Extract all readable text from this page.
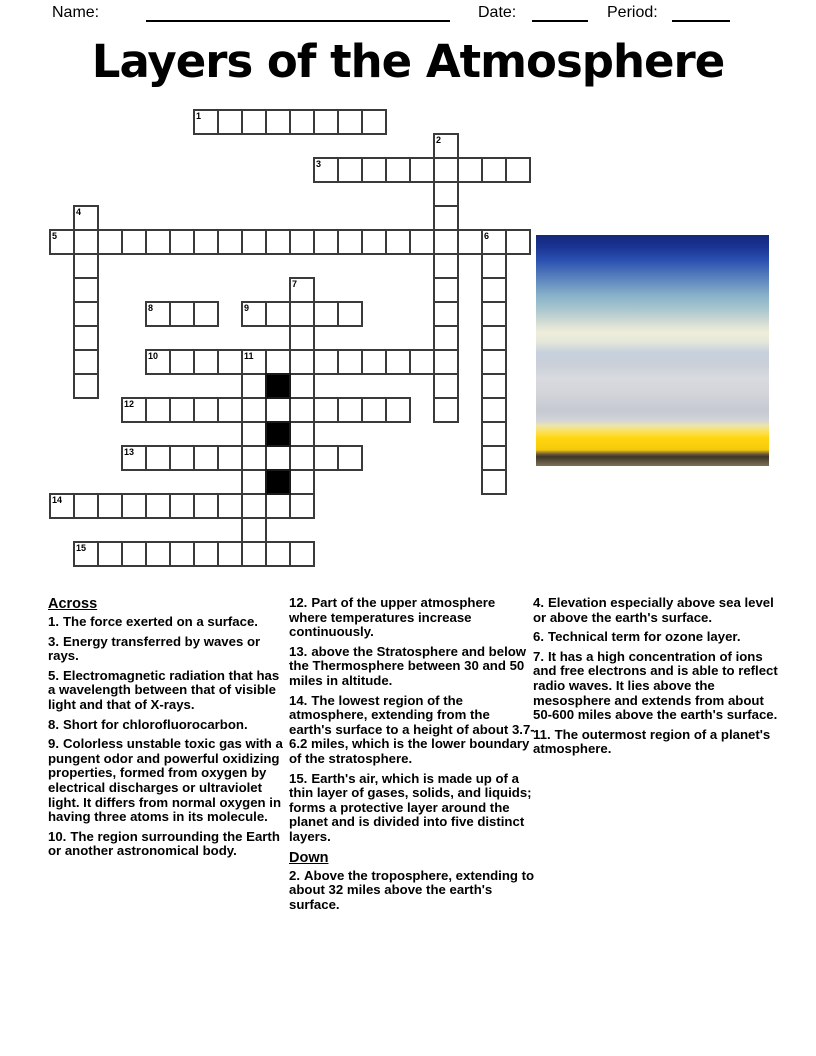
Name:	Date:	Period:
Layers of the Atmosphere
1
2
3
4
5	6
7
8	9
10	11
12
13
14
15
Across

1. The force exerted on a surface.

3. Energy transferred by waves or rays.

5. Electromagnetic radiation that has a wavelength between that of visible light and that of X-rays.

8. Short for chlorofluorocarbon.

9. Colorless unstable toxic gas with a pungent odor and powerful oxidizing properties, formed from oxygen by electrical discharges or ultraviolet light. It differs from normal oxygen in having three atoms in its molecule.

10. The region surrounding the Earth or another astronomical body.

12. Part of the upper atmosphere where temperatures increase continuously.

13. above the Stratosphere and below the Thermosphere between 30 and 50 miles in altitude.

14. The lowest region of the atmosphere, extending from the earth's surface to a height of about 3.7-6.2 miles, which is the lower boundary of the stratosphere.

15. Earth's air, which is made up of a thin layer of gases, solids, and liquids; forms a protective layer around the planet and is divided into five distinct layers.

Down

2. Above the troposphere, extending to about 32 miles above the earth's surface.

4. Elevation especially above sea level or above the earth's surface.

6. Technical term for ozone layer.

7. It has a high concentration of ions and free electrons and is able to reflect radio waves. It lies above the mesosphere and extends from about 50-600 miles above the earth's surface.

11. The outermost region of a planet's atmosphere.
